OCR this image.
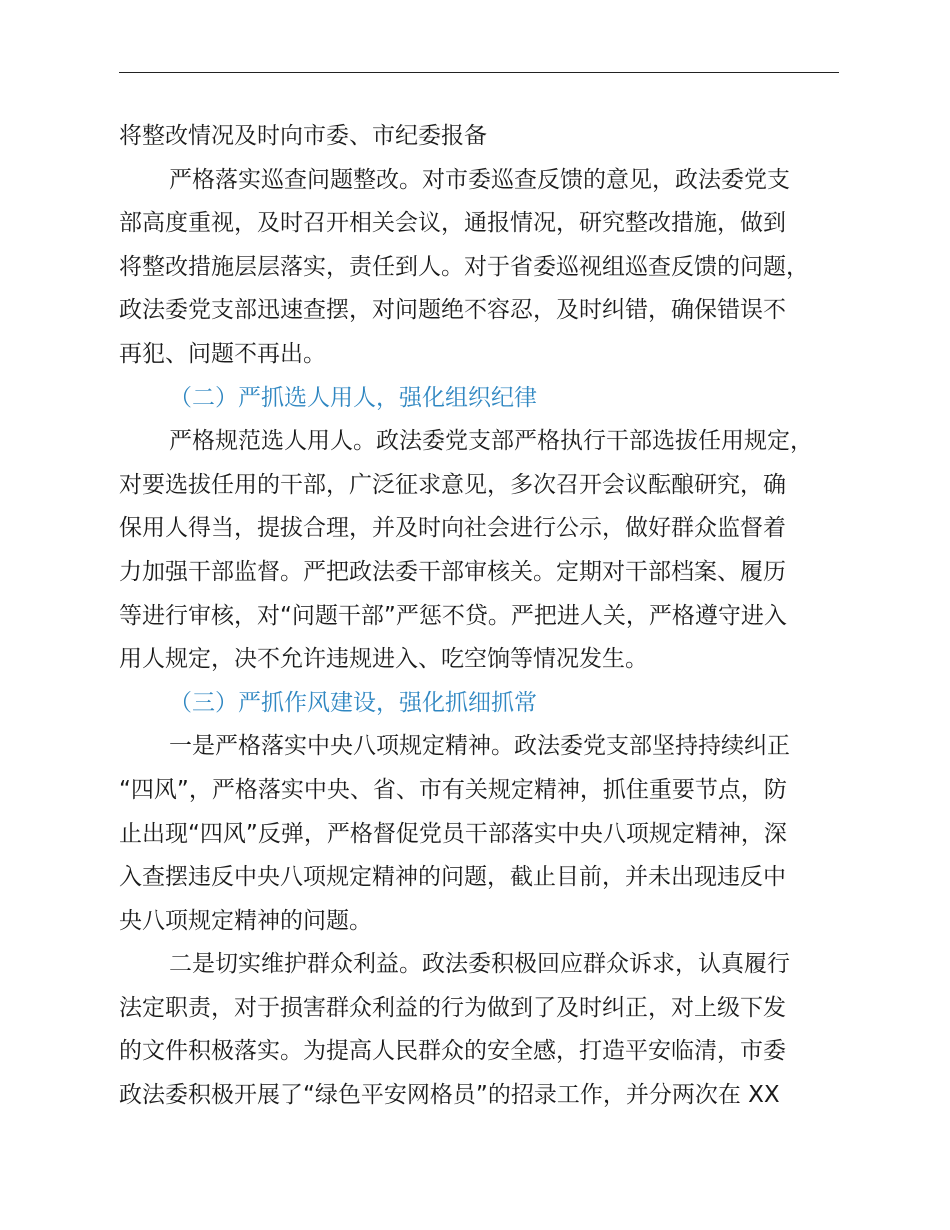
将整改情况及时向市委、市纪委报备
严格落实巡查问题整改。对市委巡查反馈的意见，政法委党支
部高度重视，及时召开相关会议，通报情况，研究整改措施，做到
将整改措施层层落实，责任到人。对于省委巡视组巡查反馈的问题，
政法委党支部迅速查摆，对问题绝不容忍，及时纠错，确保错误不
再犯、问题不再出。
（二）严抓选人用人，强化组织纪律
严格规范选人用人。政法委党支部严格执行干部选拔任用规定，
对要选拔任用的干部，广泛征求意见，多次召开会议酝酿研究，确
保用人得当，提拔合理，并及时向社会进行公示，做好群众监督着
力加强干部监督。严把政法委干部审核关。定期对干部档案、履历
等进行审核，对“问题干部”严惩不贷。严把进人关，严格遵守进入
用人规定，决不允许违规进入、吃空饷等情况发生。
（三）严抓作风建设，强化抓细抓常
一是严格落实中央八项规定精神。政法委党支部坚持持续纠正
“四风”，严格落实中央、省、市有关规定精神，抓住重要节点，防
止出现“四风”反弹，严格督促党员干部落实中央八项规定精神，深
入查摆违反中央八项规定精神的问题，截止目前，并未出现违反中
央八项规定精神的问题。
二是切实维护群众利益。政法委积极回应群众诉求，认真履行
法定职责，对于损害群众利益的行为做到了及时纠正，对上级下发
的文件积极落实。为提高人民群众的安全感，打造平安临清，市委
政法委积极开展了“绿色平安网格员”的招录工作，并分两次在 XX
